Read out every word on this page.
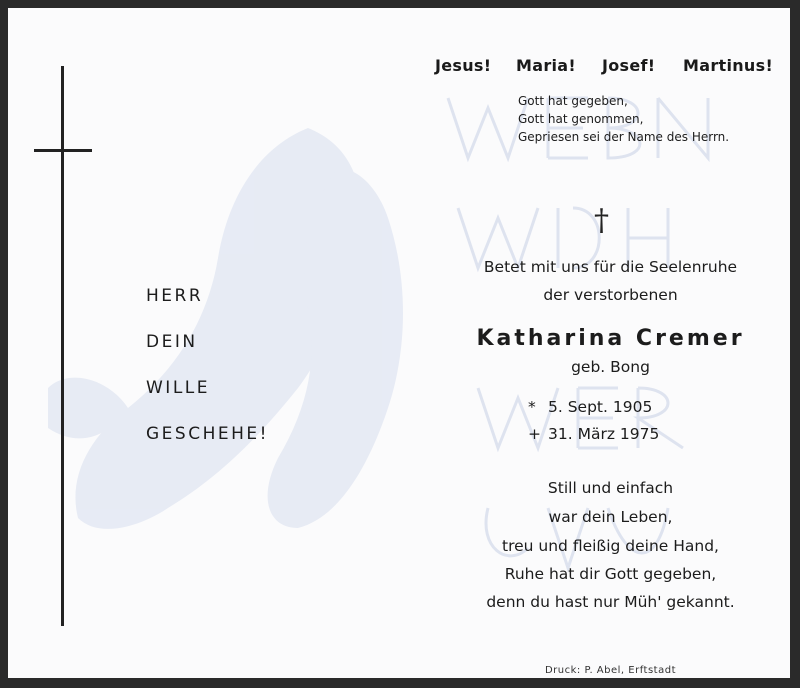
HERR
DEIN
WILLE
GESCHEHE!
Jesus! Maria! Josef! Martinus!
Gott hat gegeben,
Gott hat genommen,
Gepriesen sei der Name des Herrn.
†
Betet mit uns für die Seelenruhe
der verstorbenen
Katharina Cremer
geb. Bong
* 5. Sept. 1905
+ 31. März 1975
Still und einfach
war dein Leben,
treu und fleißig deine Hand,
Ruhe hat dir Gott gegeben,
denn du hast nur Müh' gekannt.
Druck: P. Abel, Erftstadt
